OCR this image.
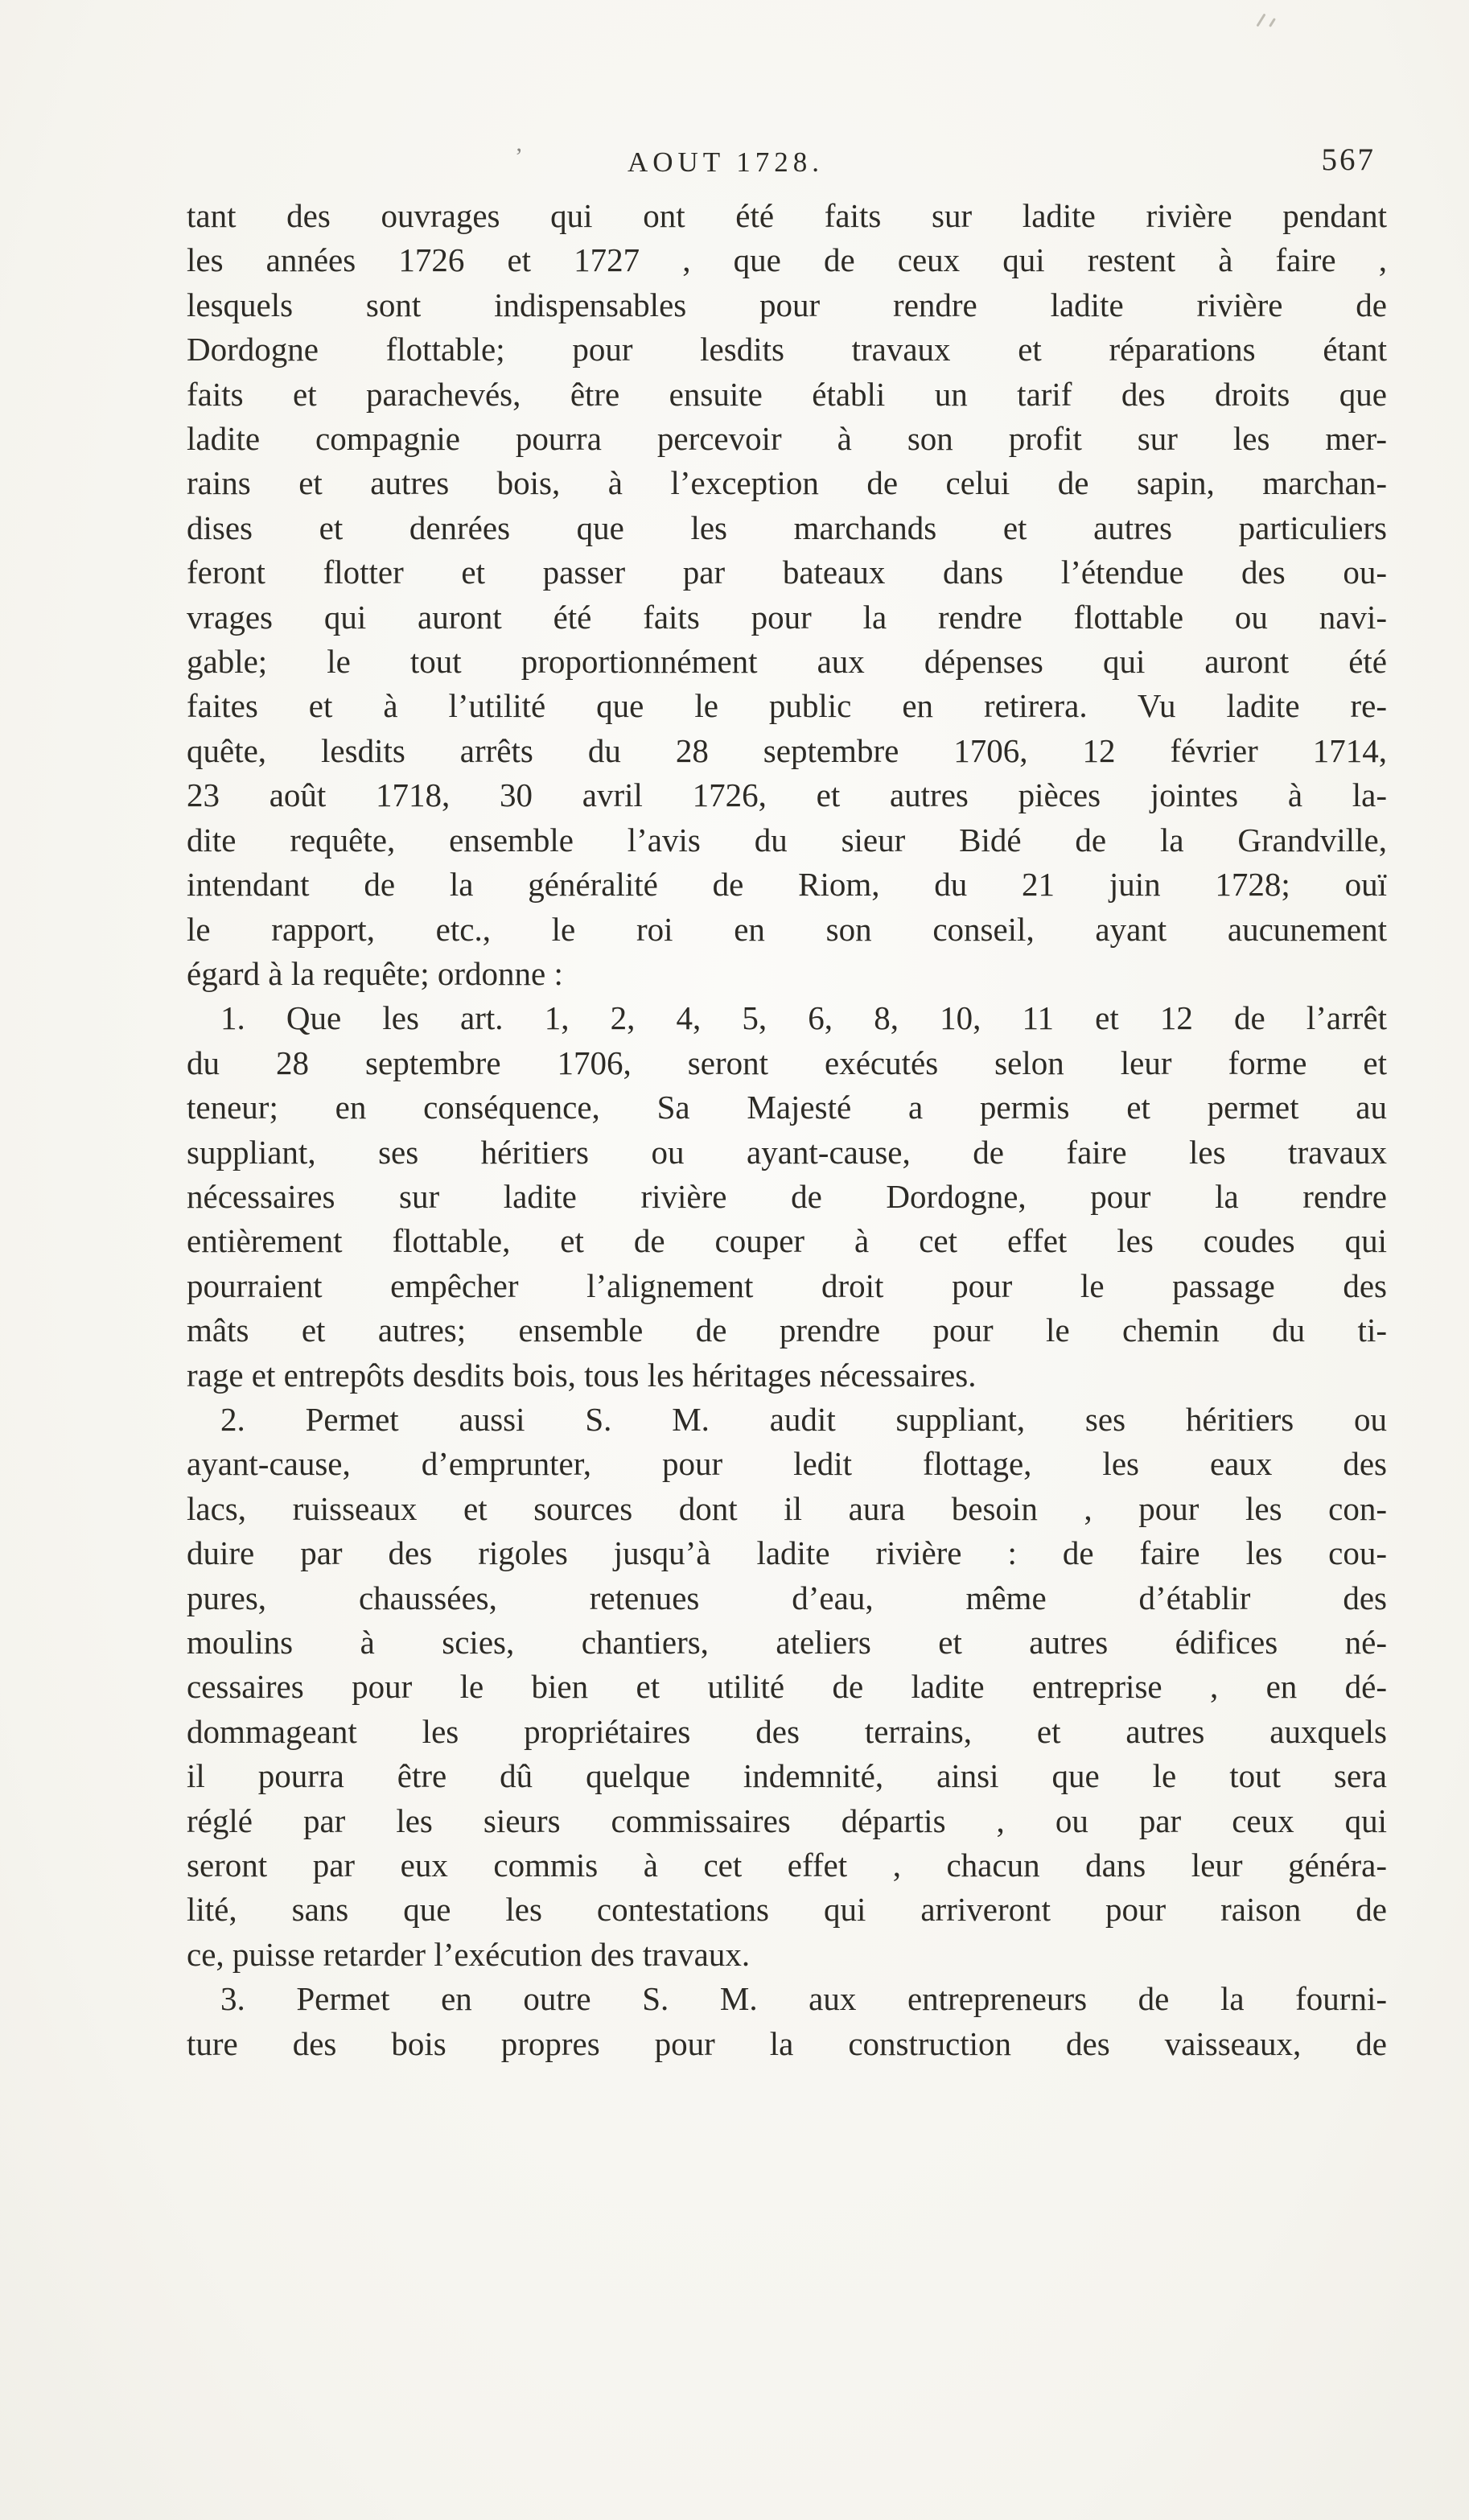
’	AOUT 1728.	567
tant des ouvrages qui ont été faits sur ladite rivière pendant
les années 1726 et 1727 , que de ceux qui restent à faire ,
lesquels sont indispensables pour rendre ladite rivière de
Dordogne flottable; pour lesdits travaux et réparations étant
faits et parachevés, être ensuite établi un tarif des droits que
ladite compagnie pourra percevoir à son profit sur les mer-
rains et autres bois, à l’exception de celui de sapin, marchan-
dises et denrées que les marchands et autres particuliers
feront flotter et passer par bateaux dans l’étendue des ou-
vrages qui auront été faits pour la rendre flottable ou navi-
gable; le tout proportionnément aux dépenses qui auront été
faites et à l’utilité que le public en retirera. Vu ladite re-
quête, lesdits arrêts du 28 septembre 1706, 12 février 1714,
23 août 1718, 30 avril 1726, et autres pièces jointes à la-
dite requête, ensemble l’avis du sieur Bidé de la Grandville,
intendant de la généralité de Riom, du 21 juin 1728; ouï
le rapport, etc., le roi en son conseil, ayant aucunement
égard à la requête; ordonne :
1. Que les art. 1, 2, 4, 5, 6, 8, 10, 11 et 12 de l’arrêt
du 28 septembre 1706, seront exécutés selon leur forme et
teneur; en conséquence, Sa Majesté a permis et permet au
suppliant, ses héritiers ou ayant-cause, de faire les travaux
nécessaires sur ladite rivière de Dordogne, pour la rendre
entièrement flottable, et de couper à cet effet les coudes qui
pourraient empêcher l’alignement droit pour le passage des
mâts et autres; ensemble de prendre pour le chemin du ti-
rage et entrepôts desdits bois, tous les héritages nécessaires.
2. Permet aussi S. M. audit suppliant, ses héritiers ou
ayant-cause, d’emprunter, pour ledit flottage, les eaux des
lacs, ruisseaux et sources dont il aura besoin , pour les con-
duire par des rigoles jusqu’à ladite rivière : de faire les cou-
pures, chaussées, retenues d’eau, même d’établir des
moulins à scies, chantiers, ateliers et autres édifices né-
cessaires pour le bien et utilité de ladite entreprise , en dé-
dommageant les propriétaires des terrains, et autres auxquels
il pourra être dû quelque indemnité, ainsi que le tout sera
réglé par les sieurs commissaires départis , ou par ceux qui
seront par eux commis à cet effet , chacun dans leur généra-
lité, sans que les contestations qui arriveront pour raison de
ce, puisse retarder l’exécution des travaux.
3. Permet en outre S. M. aux entrepreneurs de la fourni-
ture des bois propres pour la construction des vaisseaux, de
